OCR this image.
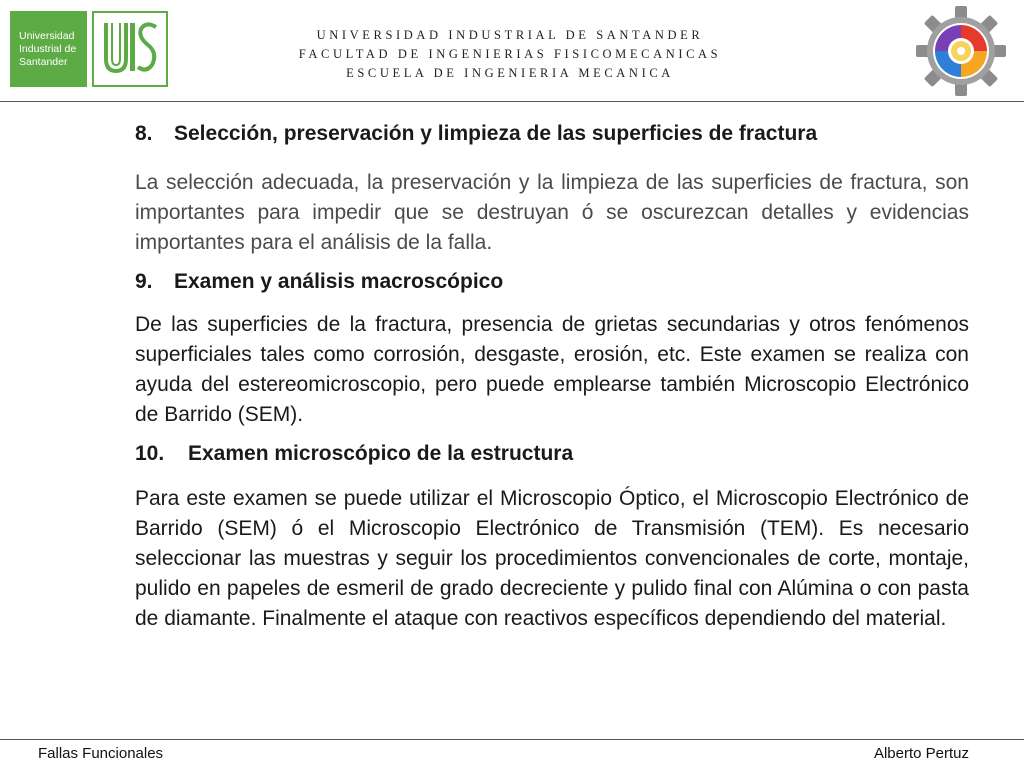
Universidad
Industrial de
Santander
UNIVERSIDAD INDUSTRIAL DE SANTANDER
FACULTAD DE INGENIERIAS FISICOMECANICAS
ESCUELA DE INGENIERIA MECANICA
8.	Selección, preservación y limpieza de las superficies de fractura

La selección adecuada, la preservación y la limpieza de las superficies de fractura, son importantes para impedir que se destruyan ó se oscurezcan detalles y evidencias importantes para el análisis de la falla.

9.	Examen y análisis macroscópico

De las superficies de la fractura, presencia de grietas secundarias y otros fenómenos superficiales tales como corrosión, desgaste, erosión, etc. Este examen se realiza con ayuda del estereomicroscopio, pero puede emplearse también Microscopio Electrónico de Barrido (SEM).

10.	Examen microscópico de la estructura

Para este examen se puede utilizar el Microscopio Óptico, el Microscopio Electrónico de Barrido (SEM) ó el Microscopio Electrónico de Transmisión (TEM). Es necesario seleccionar las muestras y seguir los procedimientos convencionales de corte, montaje, pulido en papeles de esmeril de grado decreciente y pulido final con Alúmina o con pasta de diamante. Finalmente el ataque con reactivos específicos dependiendo del material.

Fallas Funcionales	Alberto Pertuz
